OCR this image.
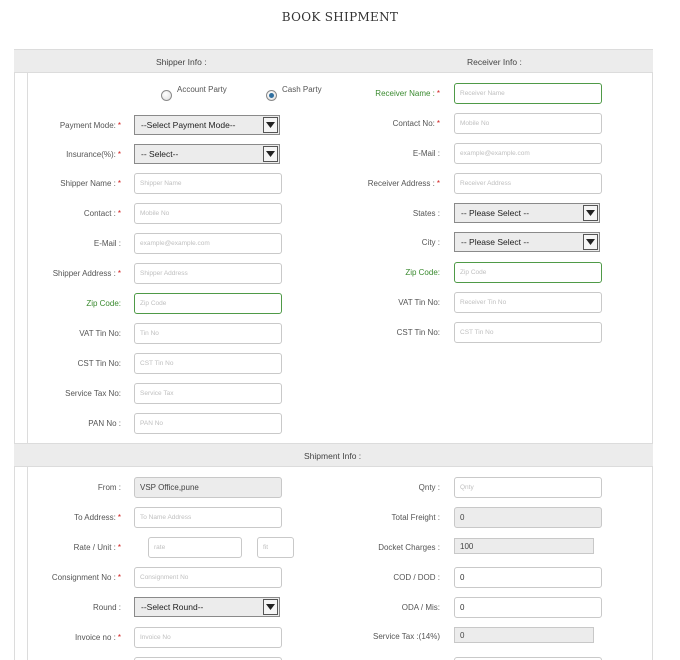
BOOK SHIPMENT
Shipper Info :	Receiver Info :
Account Party	Cash Party
Payment Mode: *	--Select Payment Mode--
Insurance(%): *	-- Select--
Shipper Name : *
Shipper Name
Contact : *
Mobile No
E-Mail :
example@example.com
Shipper Address : *
Shipper Address
Zip Code:
Zip Code
VAT Tin No:
Tin No
CST Tin No:
CST Tin No
Service Tax No:
Service Tax
PAN No :
PAN No
Receiver Name : *
Receiver Name
Contact No: *
Mobile No
E-Mail :
example@example.com
Receiver Address : *
Receiver Address
States :	-- Please Select --
City :	-- Please Select --
Zip Code:
Zip Code
VAT Tin No:
Receiver Tin No
CST Tin No:
CST Tin No
Shipment Info :
From :
VSP Office,pune
To Address: *
To Name Address
Rate / Unit : *
rate
fit
Consignment No : *
Consignment No
Round :	--Select Round--
Invoice no : *
Invoice No
Qnty :
Qnty
Total Freight :
0
Docket Charges :
100
COD / DOD :
0
ODA / Mis:
0
Service Tax :(14%)
0
